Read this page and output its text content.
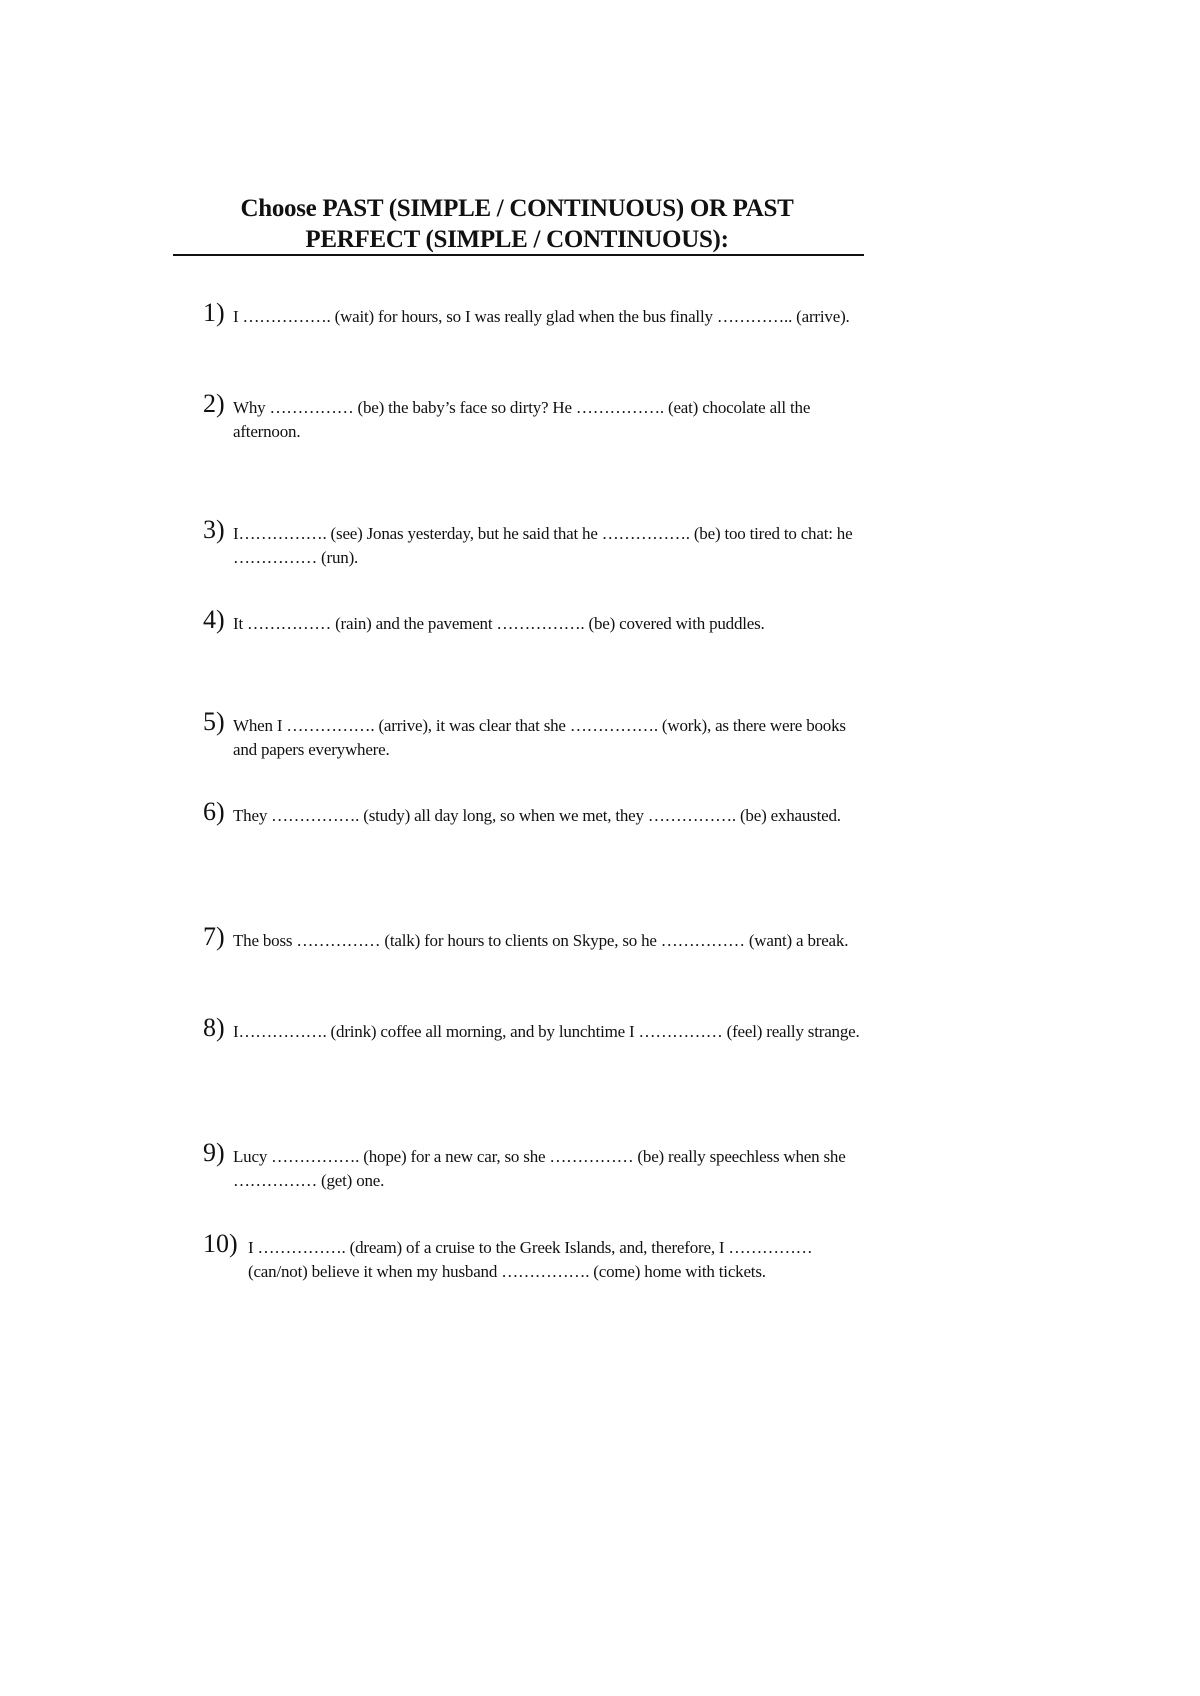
Choose PAST (SIMPLE / CONTINUOUS) OR PAST
PERFECT (SIMPLE / CONTINUOUS):
1) I ……………. (wait) for hours, so I was really glad when the bus finally ………….. (arrive).
2) Why …………… (be) the baby’s face so dirty? He ……………. (eat) chocolate all the afternoon.
3) I……………. (see) Jonas yesterday, but he said that he ……………. (be) too tired to chat: he …………… (run).
4) It …………… (rain) and the pavement ……………. (be) covered with puddles.
5) When I ……………. (arrive), it was clear that she ……………. (work), as there were books and papers everywhere.
6) They ……………. (study) all day long, so when we met, they ……………. (be) exhausted.
7) The boss …………… (talk) for hours to clients on Skype, so he …………… (want) a break.
8) I……………. (drink) coffee all morning, and by lunchtime I …………… (feel) really strange.
9) Lucy ……………. (hope) for a new car, so she …………… (be) really speechless when she …………… (get) one.
10) I ……………. (dream) of a cruise to the Greek Islands, and, therefore, I …………… (can/not) believe it when my husband ……………. (come) home with tickets.
